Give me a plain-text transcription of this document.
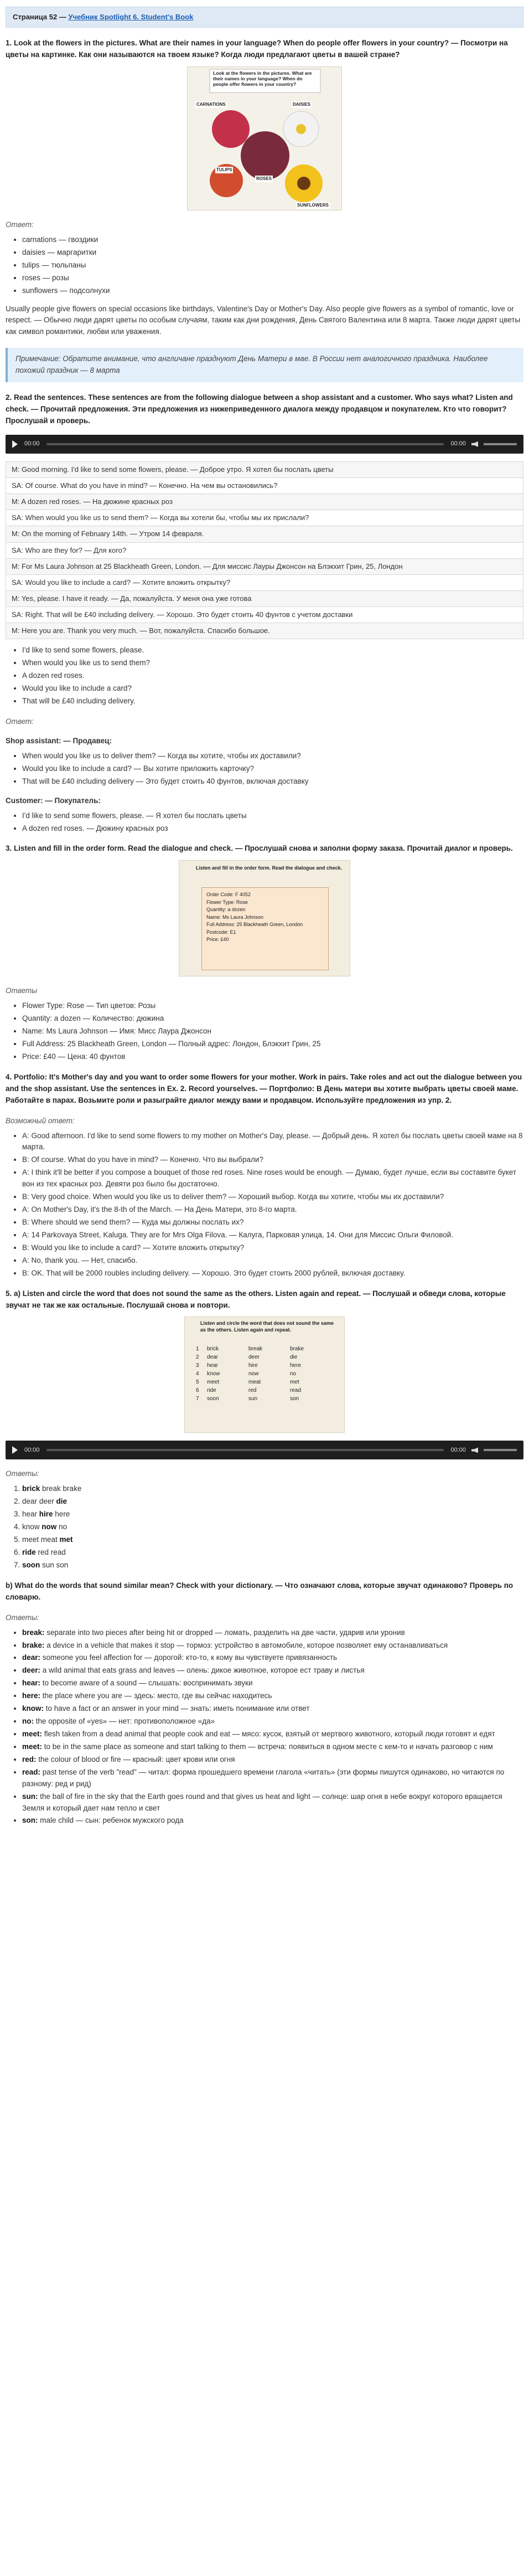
Страница 52 — Учебник Spotlight 6. Student's Book
1. Look at the flowers in the pictures. What are their names in your language? When do people offer flowers in your country? — Посмотри на цветы на картинке. Как они называются на твоем языке? Когда люди предлагают цветы в вашей стране?
Look at the flowers in the pictures. What are their names in your language? When do people offer flowers in your country?
CARNATIONS	DAISIES
TULIPS
ROSES
SUNFLOWERS
Ответ:
• carnations — гвоздики
• daisies — маргаритки
• tulips — тюльпаны
• roses — розы
• sunflowers — подсолнухи
Usually people give flowers on special occasions like birthdays, Valentine's Day or Mother's Day. Also people give flowers as a symbol of romantic, love or respect. — Обычно люди дарят цветы по особым случаям, таким как дни рождения, День Святого Валентина или 8 марта. Также люди дарят цветы как символ романтики, любви или уважения.
Примечание: Обратите внимание, что англичане празднуют День Матери в мае. В России нет аналогичного праздника. Наиболее похожий праздник — 8 марта
2. Read the sentences. These sentences are from the following dialogue between a shop assistant and a customer. Who says what? Listen and check. — Прочитай предложения. Эти предложения из нижеприведенного диалога между продавцом и покупателем. Кто что говорит? Прослушай и проверь.
00:00	00:00
M: Good morning. I'd like to send some flowers, please. — Доброе утро. Я хотел бы послать цветы
SA: Of course. What do you have in mind? — Конечно. На чем вы остановились?
M: A dozen red roses. — На дюжине красных роз
SA: When would you like us to send them? — Когда вы хотели бы, чтобы мы их прислали?
M: On the morning of February 14th. — Утром 14 февраля.
SA: Who are they for? — Для кого?
M: For Ms Laura Johnson at 25 Blackheath Green, London. — Для миссис Лауры Джонсон на Блэкхит Грин, 25, Лондон
SA: Would you like to include a card? — Хотите вложить открытку?
M: Yes, please. I have it ready. — Да, пожалуйста. У меня она уже готова
SA: Right. That will be £40 including delivery. — Хорошо. Это будет стоить 40 фунтов с учетом доставки
M: Here you are. Thank you very much. — Вот, пожалуйста. Спасибо большое.
• I'd like to send some flowers, please.
• When would you like us to send them?
• A dozen red roses.
• Would you like to include a card?
• That will be £40 including delivery.
Ответ:
Shop assistant: — Продавец:
• When would you like us to deliver them? — Когда вы хотите, чтобы их доставили?
• Would you like to include a card? — Вы хотите приложить карточку?
• That will be £40 including delivery — Это будет стоить 40 фунтов, включая доставку
Customer: — Покупатель:
• I'd like to send some flowers, please. — Я хотел бы послать цветы
• A dozen red roses. — Дюжину красных роз
3. Listen and fill in the order form. Read the dialogue and check. — Прослушай снова и заполни форму заказа. Прочитай диалог и проверь.
Listen and fill in the order form. Read the dialogue and check.
Order Code: F 4052
Flower Type: Rose
Quantity: a dozen
Name: Ms Laura Johnson
Full Address: 25 Blackheath Green, London
Postcode: E1
Price: £40
Ответы
• Flower Type: Rose — Тип цветов: Розы
• Quantity: a dozen — Количество: дюжина
• Name: Ms Laura Johnson — Имя: Мисс Лаура Джонсон
• Full Address: 25 Blackheath Green, London — Полный адрес: Лондон, Блэкхит Грин, 25
• Price: £40 — Цена: 40 фунтов
4. Portfolio: It's Mother's day and you want to order some flowers for your mother. Work in pairs. Take roles and act out the dialogue between you and the shop assistant. Use the sentences in Ex. 2. Record yourselves. — Портфолио: В День матери вы хотите выбрать цветы своей маме. Работайте в парах. Возьмите роли и разыграйте диалог между вами и продавцом. Используйте предложения из упр. 2.
Возможный ответ:
• A: Good afternoon. I'd like to send some flowers to my mother on Mother's Day, please. — Добрый день. Я хотел бы послать цветы своей маме на 8 марта.
• B: Of course. What do you have in mind? — Конечно. Что вы выбрали?
• A: I think it'll be better if you compose a bouquet of those red roses. Nine roses would be enough. — Думаю, будет лучше, если вы составите букет вон из тех красных роз. Девяти роз было бы достаточно.
• B: Very good choice. When would you like us to deliver them? — Хороший выбор. Когда вы хотите, чтобы мы их доставили?
• A: On Mother's Day, it's the 8-th of the March. — На День Матери, это 8-го марта.
• B: Where should we send them? — Куда мы должны послать их?
• A: 14 Parkovaya Street, Kaluga. They are for Mrs Olga Filova. — Калуга, Парковая улица, 14. Они для Миссис Ольги Филовой.
• B: Would you like to include a card? — Хотите вложить открытку?
• A: No, thank you. — Нет, спасибо.
• B: OK. That will be 2000 roubles including delivery. — Хорошо. Это будет стоить 2000 рублей, включая доставку.
5. a) Listen and circle the word that does not sound the same as the others. Listen again and repeat. — Послушай и обведи слова, которые звучат не так же как остальные. Послушай снова и повтори.
Listen and circle the word that does not sound the same as the others. Listen again and repeat.
1	brick	break	brake
2	dear	deer	die
3	hear	hire	here
4	know	now	no
5	meet	meat	met
6	ride	red	read
7	soon	sun	son
00:00	00:00
Ответы:
1. brick break brake
2. dear deer die
3. hear hire here
4. know now no
5. meet meat met
6. ride red read
7. soon sun son
b) What do the words that sound similar mean? Check with your dictionary. — Что означают слова, которые звучат одинаково? Проверь по словарю.
Ответы:
• break: separate into two pieces after being hit or dropped — ломать, разделить на две части, ударив или уронив
• brake: a device in a vehicle that makes it stop — тормоз: устройство в автомобиле, которое позволяет ему останавливаться
• dear: someone you feel affection for — дорогой: кто-то, к кому вы чувствуете привязанность
• deer: a wild animal that eats grass and leaves — олень: дикое животное, которое ест траву и листья
• hear: to become aware of a sound — слышать: воспринимать звуки
• here: the place where you are — здесь: место, где вы сейчас находитесь
• know: to have a fact or an answer in your mind — знать: иметь понимание или ответ
• no: the opposite of «yes» — нет: противоположное «да»
• meet: flesh taken from a dead animal that people cook and eat — мясо: кусок, взятый от мертвого животного, который люди готовят и едят
• meet: to be in the same place as someone and start talking to them — встреча: появиться в одном месте с кем-то и начать разговор с ним
• red: the colour of blood or fire — красный: цвет крови или огня
• read: past tense of the verb "read" — читал: форма прошедшего времени глагола «читать» (эти формы пишутся одинаково, но читаются по разному: ред и рид)
• sun: the ball of fire in the sky that the Earth goes round and that gives us heat and light — солнце: шар огня в небе вокруг которого вращается Земля и который дает нам тепло и свет
• son: male child — сын: ребенок мужского рода
